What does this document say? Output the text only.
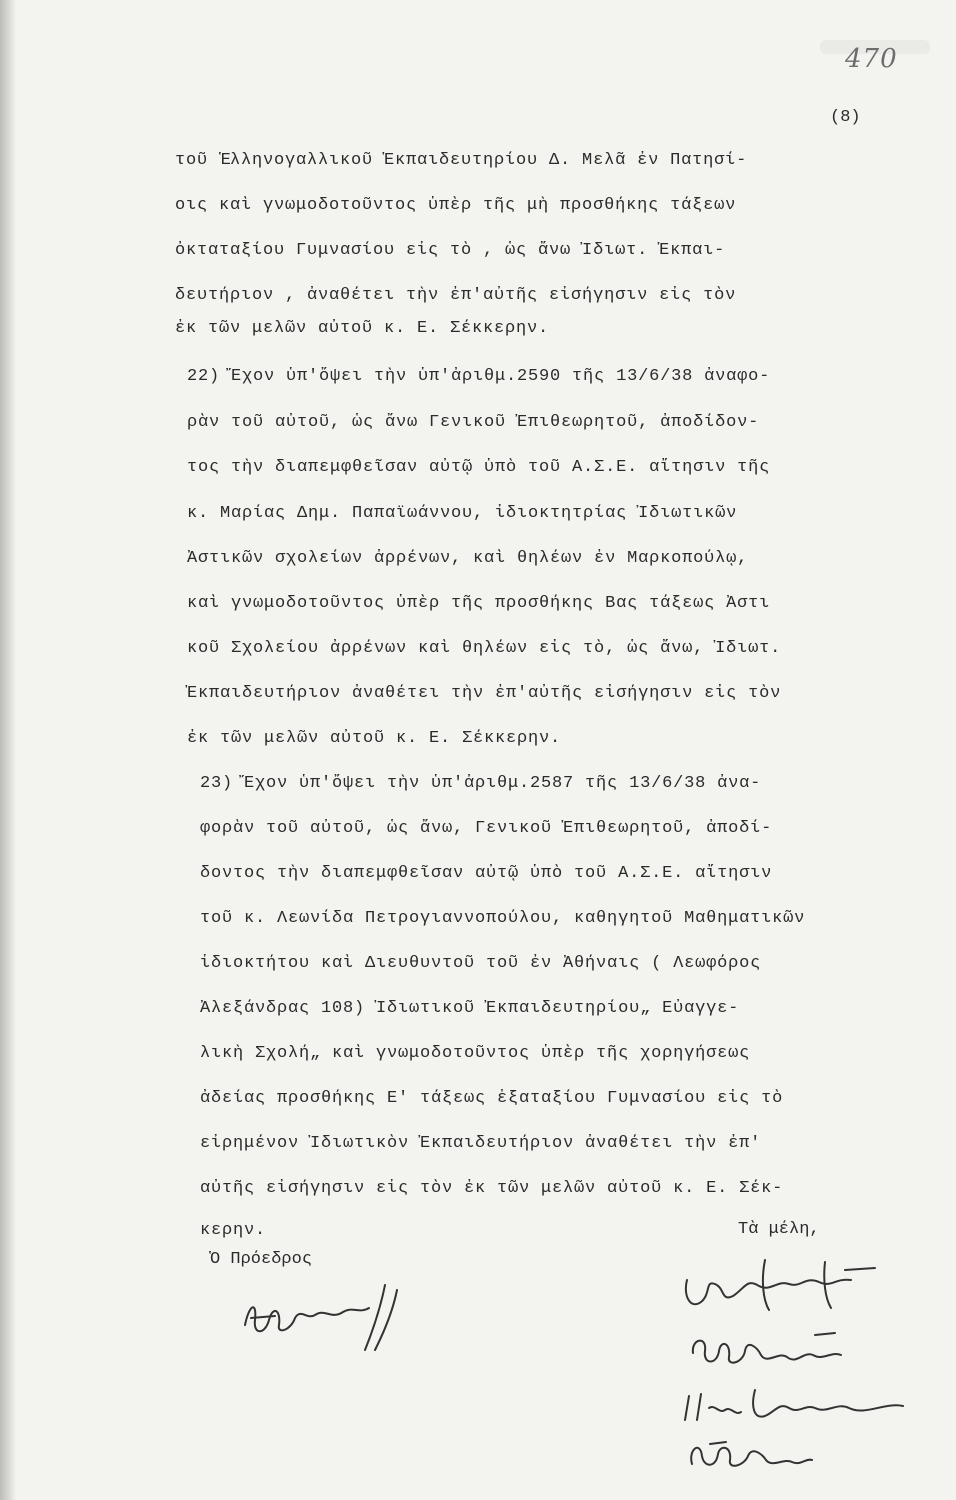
470
(8)
τοῦ Ἑλληνογαλλικοῦ Ἐκπαιδευτηρίου Δ. Μελᾶ ἐν Πατησί-
οις καὶ γνωμοδοτοῦντος ὑπὲρ τῆς μὴ προσθήκης τάξεων
ὀκταταξίου Γυμνασίου εἰς τὸ , ὡς ἄνω Ἰδιωτ. Ἐκπαι-
δευτήριον , ἀναθέτει τὴν ἐπ'αὐτῆς εἰσήγησιν εἰς τὸν
ἐκ τῶν μελῶν αὐτοῦ κ. Ε. Σέκκερην.
22) Ἔχον ὑπ'ὄψει τὴν ὑπ'ἀριθμ.2590 τῆς 13/6/38 ἀναφο-
ρὰν τοῦ αὐτοῦ, ὡς ἄνω Γενικοῦ Ἐπιθεωρητοῦ, ἀποδίδον-
τος τὴν διαπεμφθεῖσαν αὐτῷ ὑπὸ τοῦ Α.Σ.Ε. αἴτησιν τῆς
κ. Μαρίας Δημ. Παπαϊωάννου, ἰδιοκτητρίας Ἰδιωτικῶν
Ἀστικῶν σχολείων ἀρρένων, καὶ θηλέων ἐν Μαρκοπούλῳ,
καὶ γνωμοδοτοῦντος ὑπὲρ τῆς προσθήκης Βας τάξεως Ἀστι
κοῦ Σχολείου ἀρρένων καὶ θηλέων εἰς τὸ, ὡς ἄνω, Ἰδιωτ.
Ἐκπαιδευτήριον ἀναθέτει τὴν ἐπ'αὐτῆς εἰσήγησιν εἰς τὸν
ἐκ τῶν μελῶν αὐτοῦ κ. Ε. Σέκκερην.
23) Ἔχον ὑπ'ὄψει τὴν ὑπ'ἀριθμ.2587 τῆς 13/6/38 ἀνα-
φορὰν τοῦ αὐτοῦ, ὡς ἄνω, Γενικοῦ Ἐπιθεωρητοῦ, ἀποδί-
δοντος τὴν διαπεμφθεῖσαν αὐτῷ ὑπὸ τοῦ Α.Σ.Ε. αἴτησιν
τοῦ κ. Λεωνίδα Πετρογιαννοπούλου, καθηγητοῦ Μαθηματικῶν
ἰδιοκτήτου καὶ Διευθυντοῦ τοῦ ἐν Ἀθήναις ( Λεωφόρος
Ἀλεξάνδρας 108) Ἰδιωτικοῦ Ἐκπαιδευτηρίου„ Εὐαγγε-
λικὴ Σχολή„ καὶ γνωμοδοτοῦντος ὑπὲρ τῆς χορηγήσεως
ἀδείας προσθήκης Ε' τάξεως ἑξαταξίου Γυμνασίου εἰς τὸ
εἰρημένον Ἰδιωτικὸν Ἐκπαιδευτήριον ἀναθέτει τὴν ἐπ'
αὐτῆς εἰσήγησιν εἰς τὸν ἐκ τῶν μελῶν αὐτοῦ κ. Ε. Σέκ-
κερην.
Ὁ Πρόεδρος
Τὰ μέλη,
